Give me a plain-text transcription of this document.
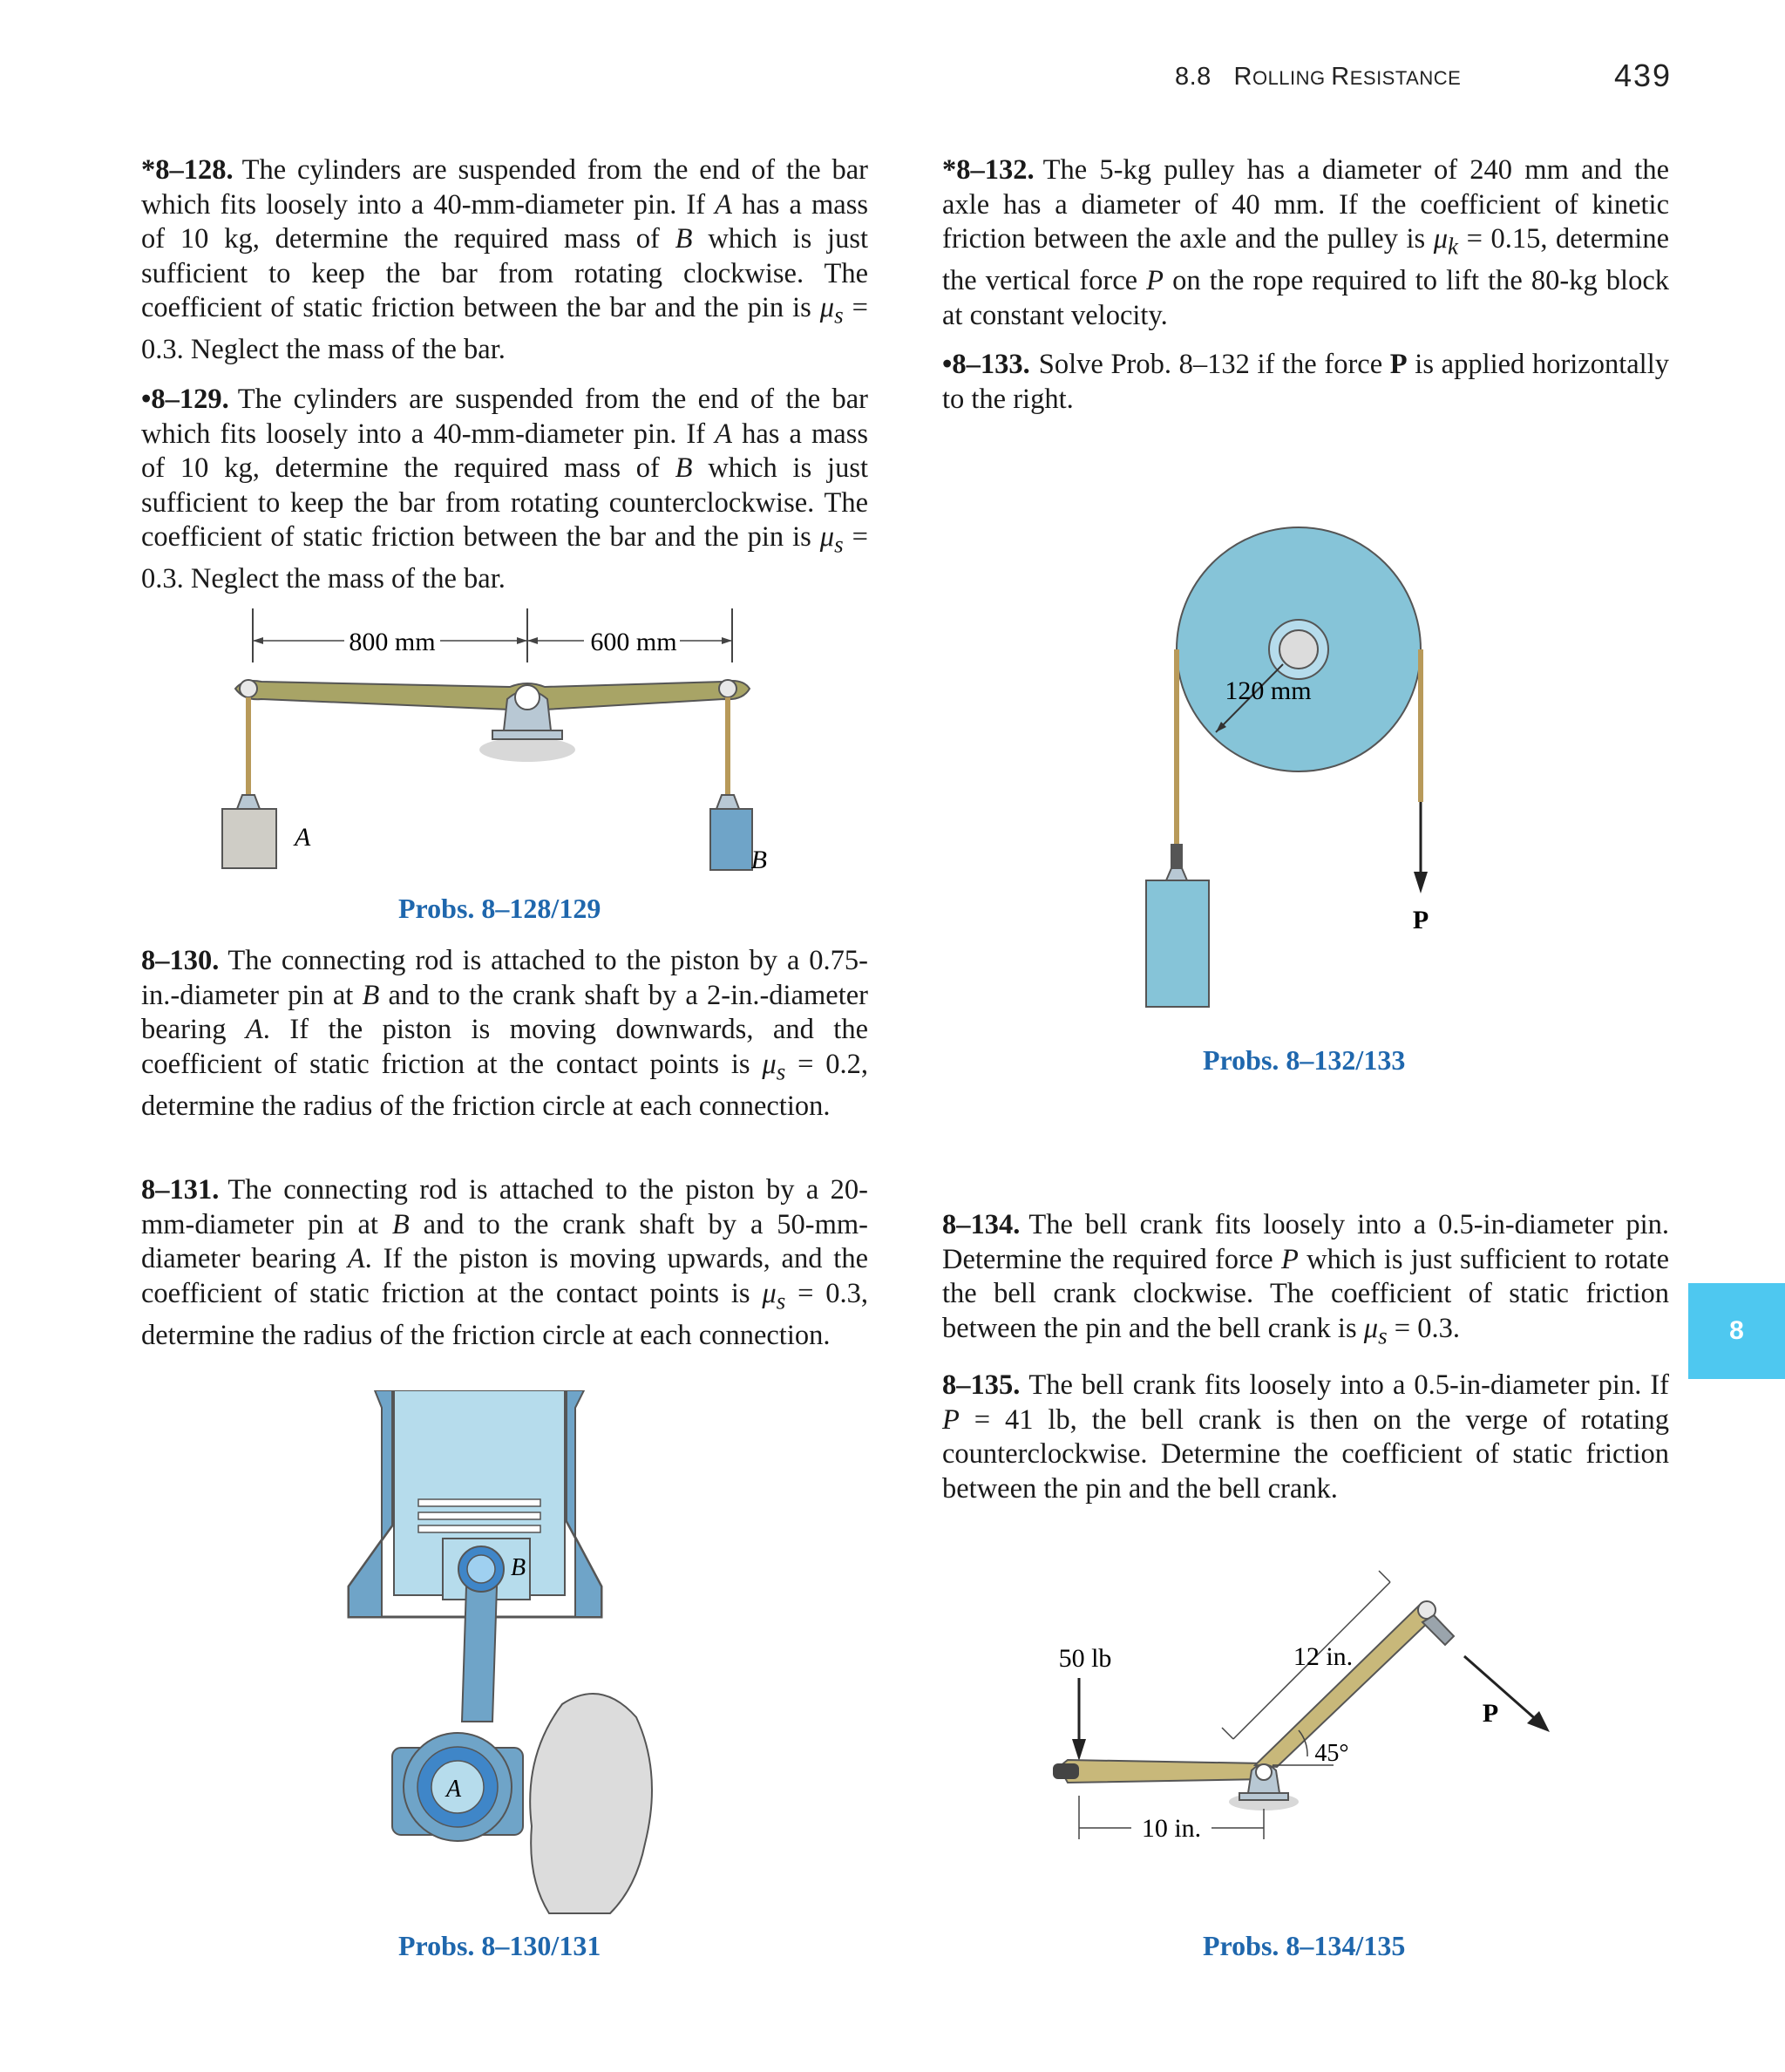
8.8 ROLLING RESISTANCE	439

*8–128. The cylinders are suspended from the end of the bar which fits loosely into a 40-mm-diameter pin. If A has a mass of 10 kg, determine the required mass of B which is just sufficient to keep the bar from rotating clockwise. The coefficient of static friction between the bar and the pin is $\mu_s = 0.3$. Neglect the mass of the bar.

•8–129. The cylinders are suspended from the end of the bar which fits loosely into a 40-mm-diameter pin. If A has a mass of 10 kg, determine the required mass of B which is just sufficient to keep the bar from rotating counterclockwise. The coefficient of static friction between the bar and the pin is $\mu_s = 0.3$. Neglect the mass of the bar.

800 mm	600 mm
A
B
Probs. 8–128/129

8–130. The connecting rod is attached to the piston by a 0.75-in.-diameter pin at B and to the crank shaft by a 2-in.-diameter bearing A. If the piston is moving downwards, and the coefficient of static friction at the contact points is $\mu_s = 0.2$, determine the radius of the friction circle at each connection.

8–131. The connecting rod is attached to the piston by a 20-mm-diameter pin at B and to the crank shaft by a 50-mm-diameter bearing A. If the piston is moving upwards, and the coefficient of static friction at the contact points is $\mu_s = 0.3$, determine the radius of the friction circle at each connection.

B
A
Probs. 8–130/131

*8–132. The 5-kg pulley has a diameter of 240 mm and the axle has a diameter of 40 mm. If the coefficient of kinetic friction between the axle and the pulley is $\mu_k = 0.15$, determine the vertical force P on the rope required to lift the 80-kg block at constant velocity.

•8–133. Solve Prob. 8–132 if the force P is applied horizontally to the right.

120 mm
P
Probs. 8–132/133

8–134. The bell crank fits loosely into a 0.5-in-diameter pin. Determine the required force P which is just sufficient to rotate the bell crank clockwise. The coefficient of static friction between the pin and the bell crank is $\mu_s = 0.3$.

8–135. The bell crank fits loosely into a 0.5-in-diameter pin. If P = 41 lb, the bell crank is then on the verge of rotating counterclockwise. Determine the coefficient of static friction between the pin and the bell crank.

50 lb	12 in.
P
45°
10 in.
Probs. 8–134/135
8
